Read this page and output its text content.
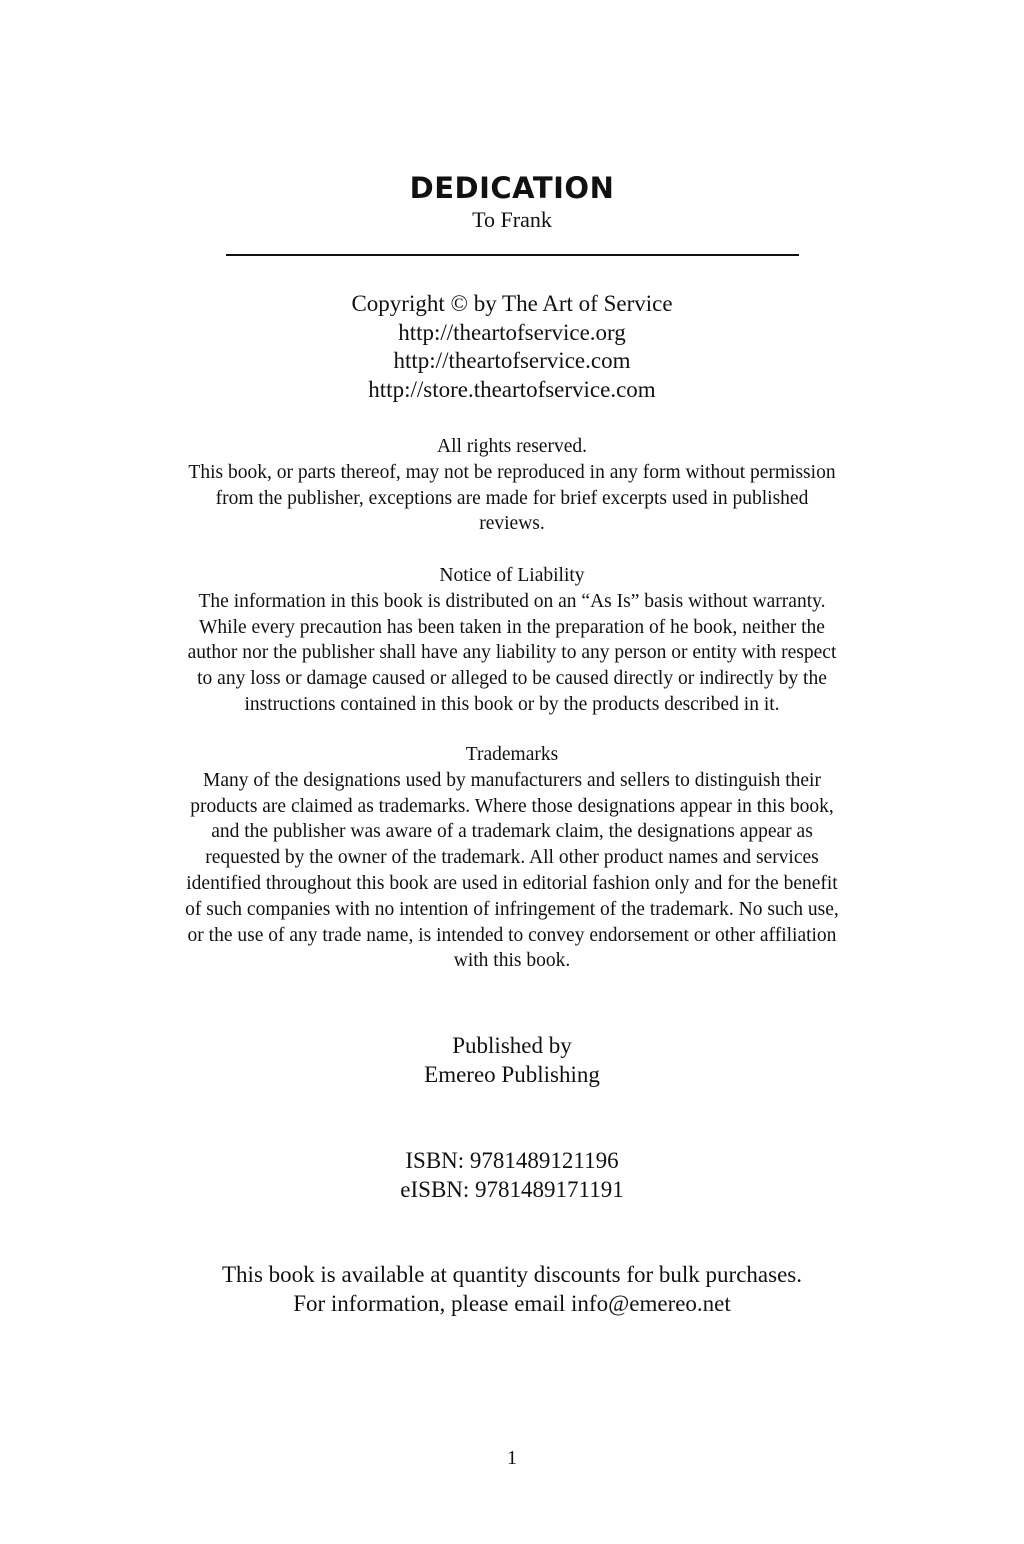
DEDICATION
To Frank
Copyright © by The Art of Service
http://theartofservice.org
http://theartofservice.com
http://store.theartofservice.com
All rights reserved.
This book, or parts thereof, may not be reproduced in any form without permission
from the publisher, exceptions are made for brief excerpts used in published
reviews.
Notice of Liability
The information in this book is distributed on an “As Is” basis without warranty.
While every precaution has been taken in the preparation of he book, neither the
author nor the publisher shall have any liability to any person or entity with respect
to any loss or damage caused or alleged to be caused directly or indirectly by the
instructions contained in this book or by the products described in it.
Trademarks
Many of the designations used by manufacturers and sellers to distinguish their
products are claimed as trademarks. Where those designations appear in this book,
and the publisher was aware of a trademark claim, the designations appear as
requested by the owner of the trademark. All other product names and services
identified throughout this book are used in editorial fashion only and for the benefit
of such companies with no intention of infringement of the trademark. No such use,
or the use of any trade name, is intended to convey endorsement or other affiliation
with this book.
Published by
Emereo Publishing
ISBN: 9781489121196
eISBN: 9781489171191
This book is available at quantity discounts for bulk purchases.
For information, please email info@emereo.net
1
